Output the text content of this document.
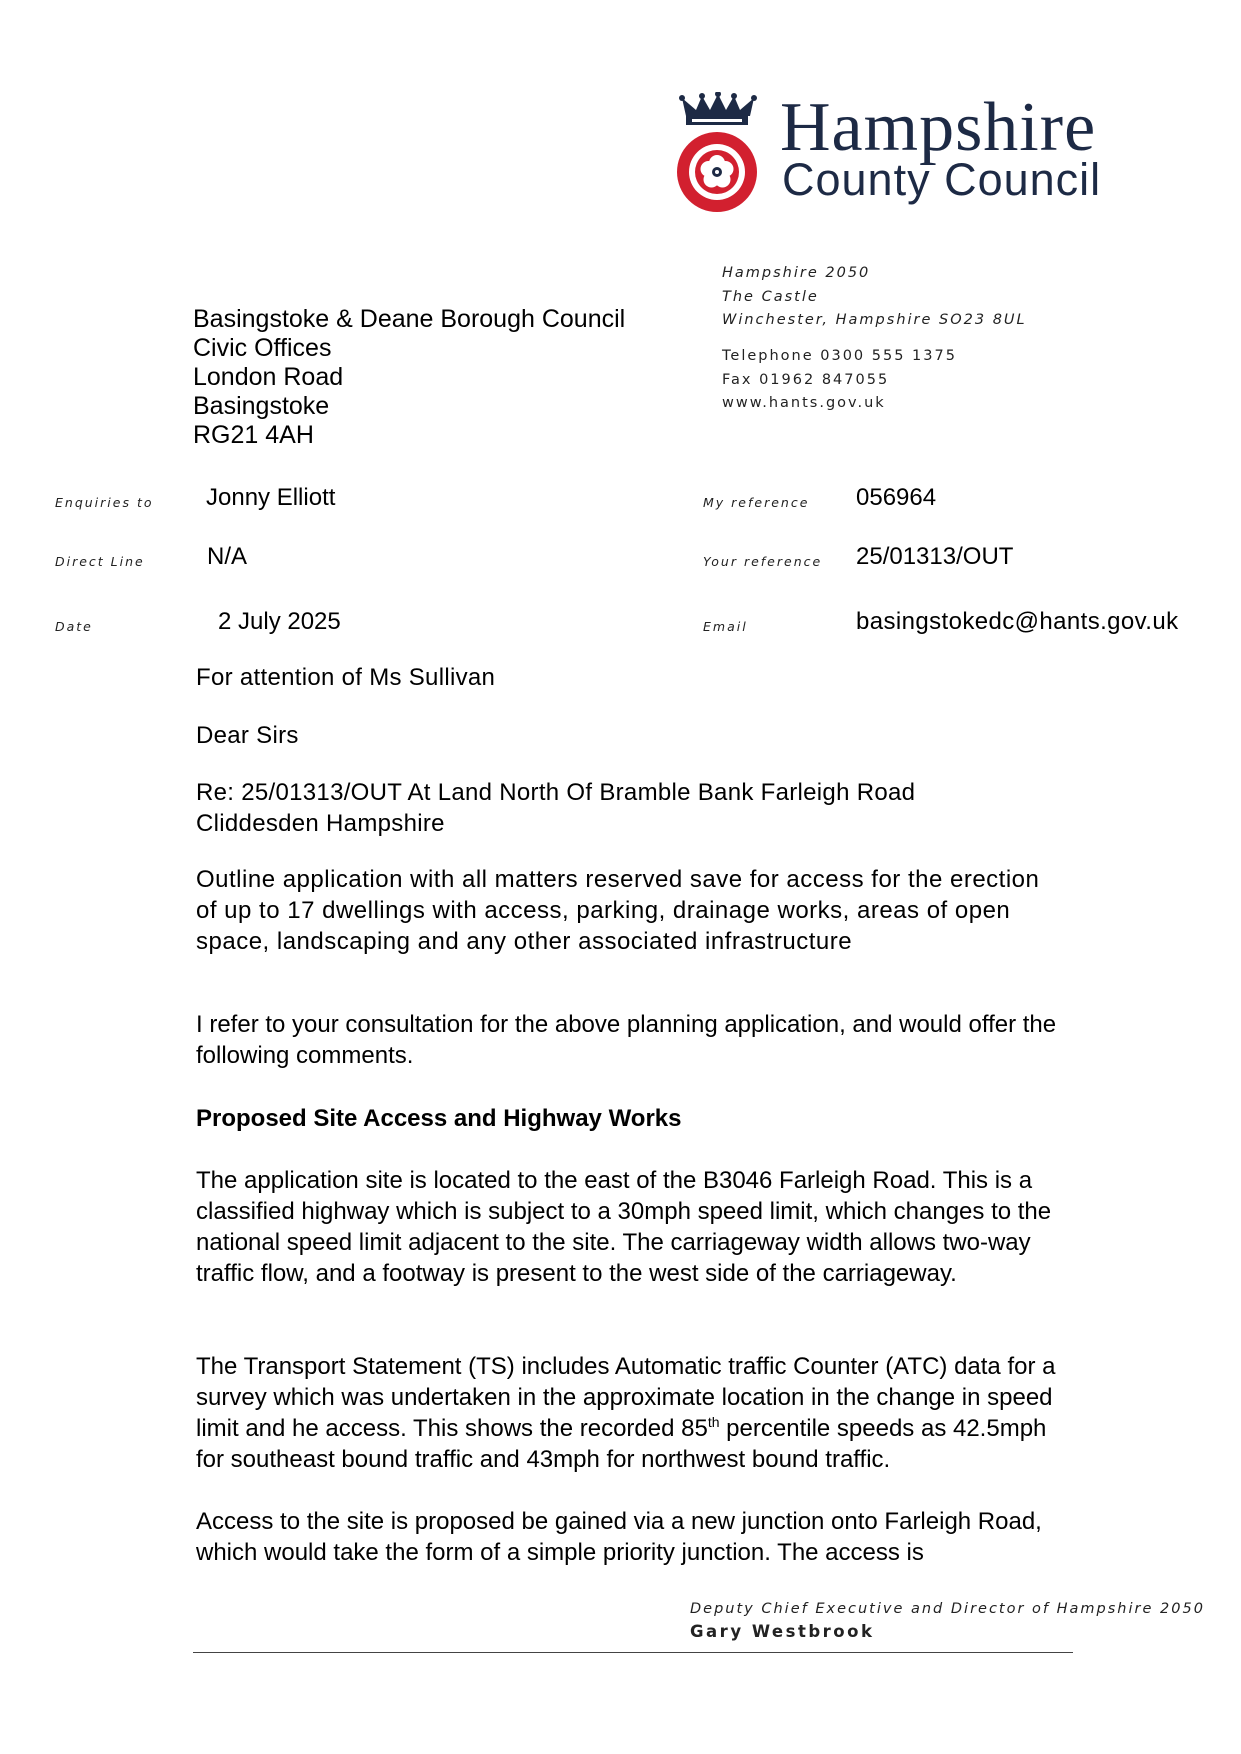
Hampshire
County Council
Hampshire 2050
The Castle
Winchester, Hampshire SO23 8UL
Telephone 0300 555 1375
Fax 01962 847055
www.hants.gov.uk
Basingstoke & Deane Borough Council
Civic Offices
London Road
Basingstoke
RG21 4AH
Enquiries to Jonny Elliott
Direct Line	N/A
Date	2 July 2025
My reference 056964
Your reference 25/01313/OUT
Email	basingstokedc@hants.gov.uk
For attention of Ms Sullivan
Dear Sirs
Re: 25/01313/OUT At Land North Of Bramble Bank Farleigh Road
Cliddesden Hampshire
Outline application with all matters reserved save for access for the erection of up to 17 dwellings with access, parking, drainage works, areas of open space, landscaping and any other associated infrastructure
I refer to your consultation for the above planning application, and would offer the following comments.
Proposed Site Access and Highway Works
The application site is located to the east of the B3046 Farleigh Road. This is a classified highway which is subject to a 30mph speed limit, which changes to the national speed limit adjacent to the site. The carriageway width allows two-way traffic flow, and a footway is present to the west side of the carriageway.
The Transport Statement (TS) includes Automatic traffic Counter (ATC) data for a survey which was undertaken in the approximate location in the change in speed limit and he access. This shows the recorded 85th percentile speeds as 42.5mph for southeast bound traffic and 43mph for northwest bound traffic.
Access to the site is proposed be gained via a new junction onto Farleigh Road, which would take the form of a simple priority junction. The access is
Deputy Chief Executive and Director of Hampshire 2050
Gary Westbrook
